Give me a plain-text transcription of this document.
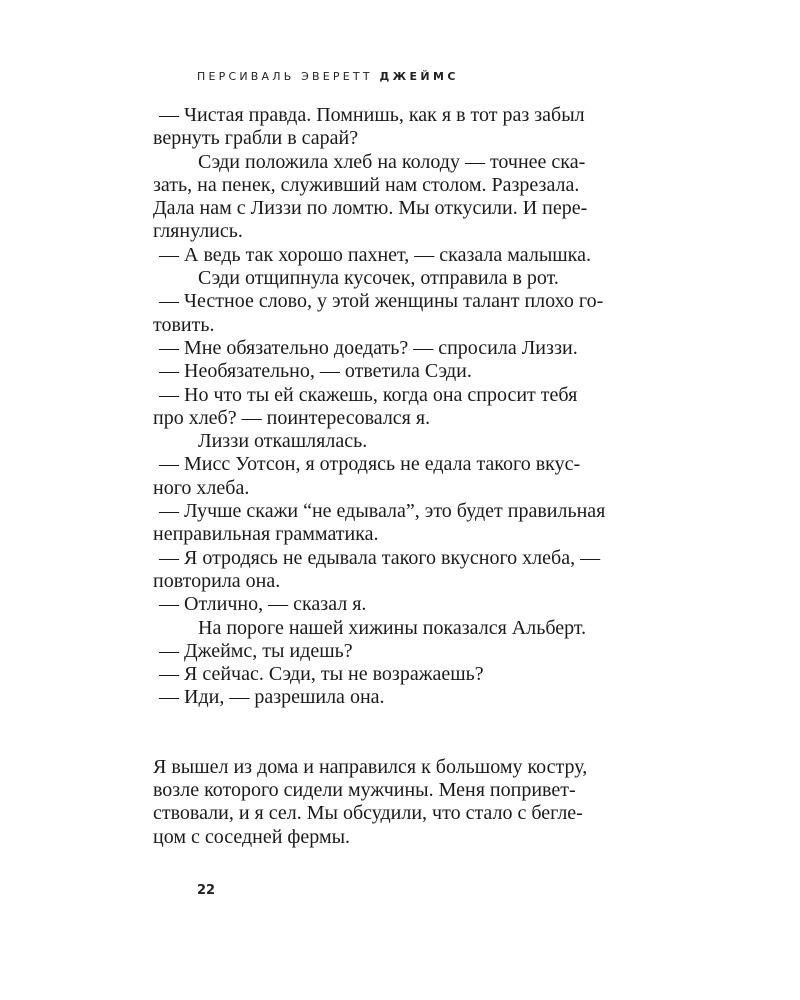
ПЕРСИВАЛЬ ЭВЕРЕТТ ДЖЕЙМС
— Чистая правда. Помнишь, как я в тот раз забыл
вернуть грабли в сарай?
Сэди положила хлеб на колоду — точнее ска-
зать, на пенек, служивший нам столом. Разрезала.
Дала нам с Лиззи по ломтю. Мы откусили. И пере-
глянулись.
— А ведь так хорошо пахнет, — сказала малышка.
Сэди отщипнула кусочек, отправила в рот.
— Честное слово, у этой женщины талант плохо го-
товить.
— Мне обязательно доедать? — спросила Лиззи.
— Необязательно, — ответила Сэди.
— Но что ты ей скажешь, когда она спросит тебя
про хлеб? — поинтересовался я.
Лиззи откашлялась.
— Мисс Уотсон, я отродясь не едала такого вкус-
ного хлеба.
— Лучше скажи “не едывала”, это будет правильная
неправильная грамматика.
— Я отродясь не едывала такого вкусного хлеба, —
повторила она.
— Отлично, — сказал я.
На пороге нашей хижины показался Альберт.
— Джеймс, ты идешь?
— Я сейчас. Сэди, ты не возражаешь?
— Иди, — разрешила она.
Я вышел из дома и направился к большому костру,
возле которого сидели мужчины. Меня попривет-
ствовали, и я сел. Мы обсудили, что стало с бегле-
цом с соседней фермы.
22
